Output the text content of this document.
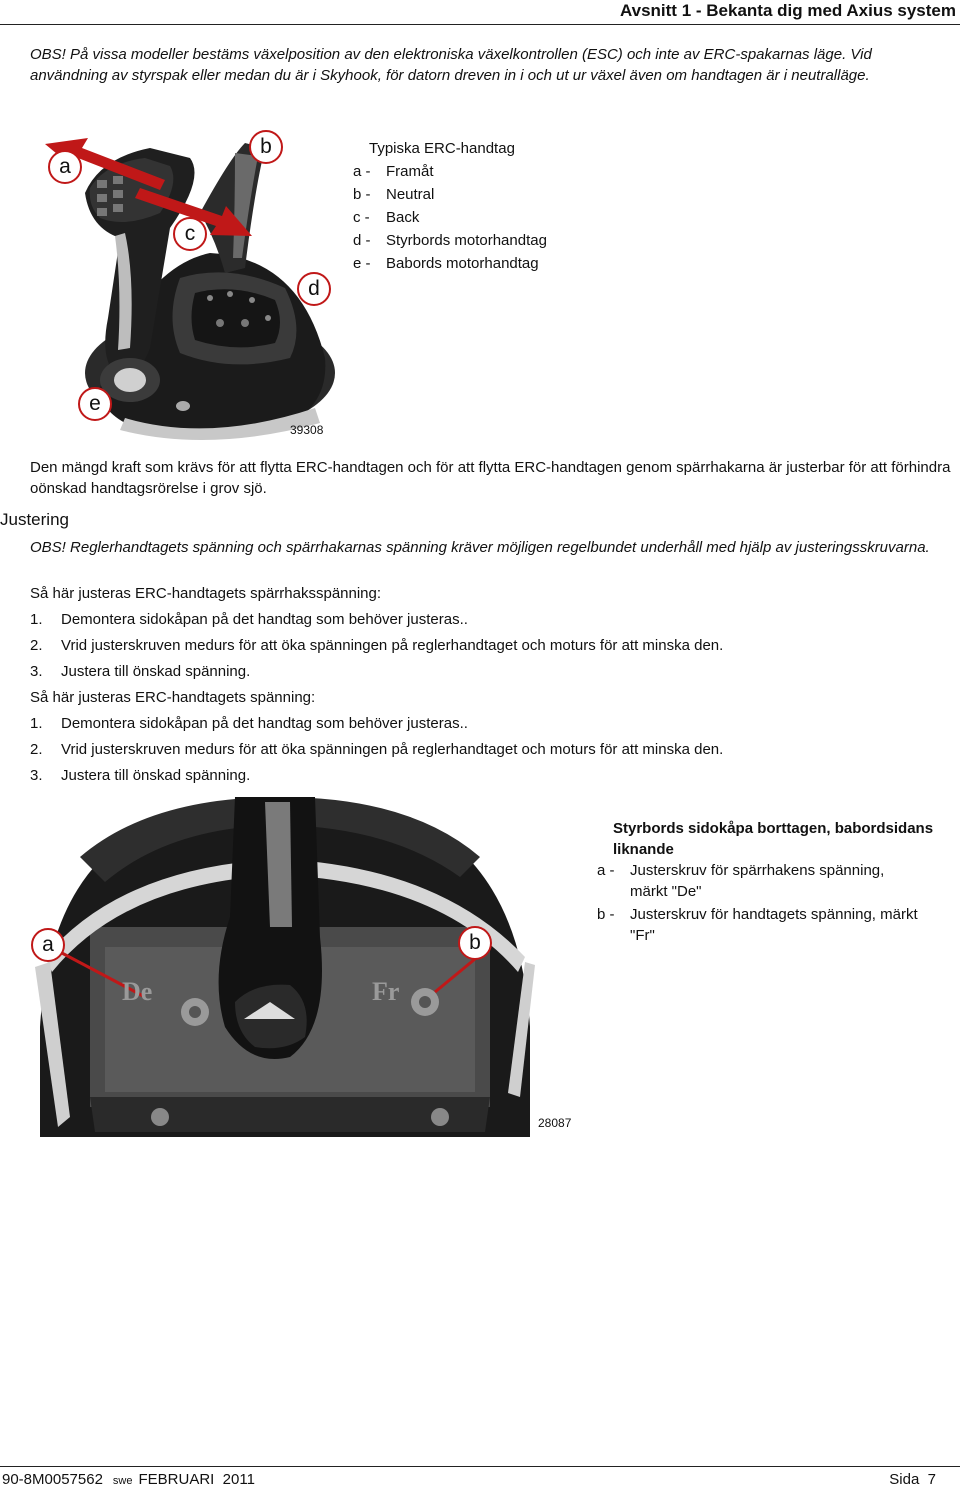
Avsnitt 1 - Bekanta dig med Axius system
OBS! På vissa modeller bestäms växelposition av den elektroniska växelkontrollen (ESC) och inte av ERC-spakarnas läge. Vid användning av styrspak eller medan du är i Skyhook, för datorn dreven in i och ut ur växel även om handtagen är i neutralläge.
a
b
c
d
e
39308
Typiska ERC-handtag
a - Framåt
b - Neutral
c - Back
d - Styrbords motorhandtag
e - Babords motorhandtag
Den mängd kraft som krävs för att flytta ERC-handtagen och för att flytta ERC-handtagen genom spärrhakarna är justerbar för att förhindra oönskad handtagsrörelse i grov sjö.
Justering
OBS! Reglerhandtagets spänning och spärrhakarnas spänning kräver möjligen regelbundet underhåll med hjälp av justeringsskruvarna.
Så här justeras ERC-handtagets spärrhaksspänning:
1. Demontera sidokåpan på det handtag som behöver justeras..
2. Vrid justerskruven medurs för att öka spänningen på reglerhandtaget och moturs för att minska den.
3. Justera till önskad spänning.
Så här justeras ERC-handtagets spänning:
1. Demontera sidokåpan på det handtag som behöver justeras..
2. Vrid justerskruven medurs för att öka spänningen på reglerhandtaget och moturs för att minska den.
3. Justera till önskad spänning.
De	Fr
a	b
28087
Styrbords sidokåpa borttagen, babordsidans
liknande
a - Justerskruv för spärrhakens spänning,
märkt "De"
b - Justerskruv för handtagets spänning, märkt
"Fr"
90-8M0057562 swe FEBRUARI  2011	Sida  7
